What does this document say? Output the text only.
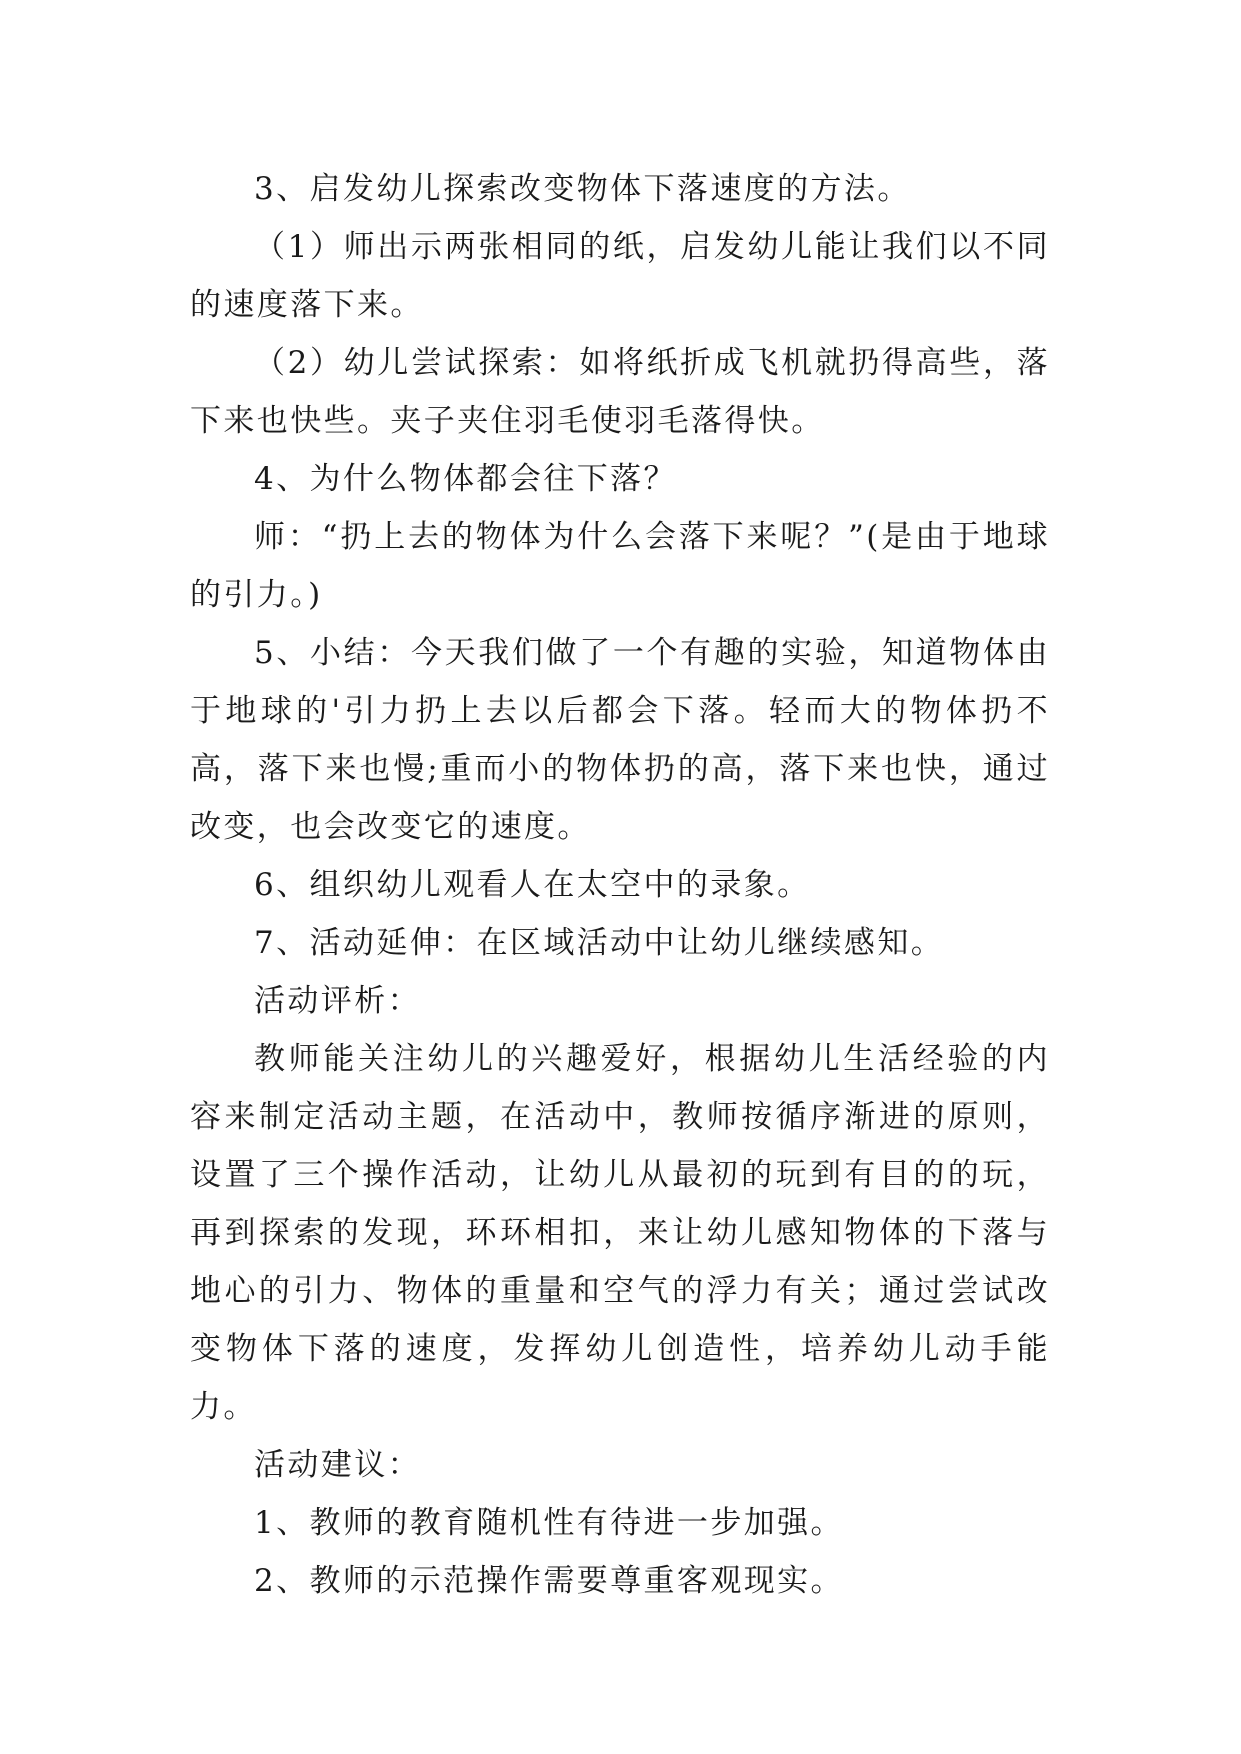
3、启发幼儿探索改变物体下落速度的方法。

（1）师出示两张相同的纸，启发幼儿能让我们以不同的速度落下来。

（2）幼儿尝试探索：如将纸折成飞机就扔得高些，落下来也快些。夹子夹住羽毛使羽毛落得快。

4、为什么物体都会往下落？

师：“扔上去的物体为什么会落下来呢？”(是由于地球的引力。)

5、小结：今天我们做了一个有趣的实验，知道物体由于地球的'引力扔上去以后都会下落。轻而大的物体扔不高，落下来也慢;重而小的物体扔的高，落下来也快，通过改变，也会改变它的速度。

6、组织幼儿观看人在太空中的录象。

7、活动延伸：在区域活动中让幼儿继续感知。

活动评析：

教师能关注幼儿的兴趣爱好，根据幼儿生活经验的内容来制定活动主题，在活动中，教师按循序渐进的原则，设置了三个操作活动，让幼儿从最初的玩到有目的的玩，再到探索的发现，环环相扣，来让幼儿感知物体的下落与地心的引力、物体的重量和空气的浮力有关；通过尝试改变物体下落的速度，发挥幼儿创造性，培养幼儿动手能力。

活动建议：

1、教师的教育随机性有待进一步加强。

2、教师的示范操作需要尊重客观现实。
